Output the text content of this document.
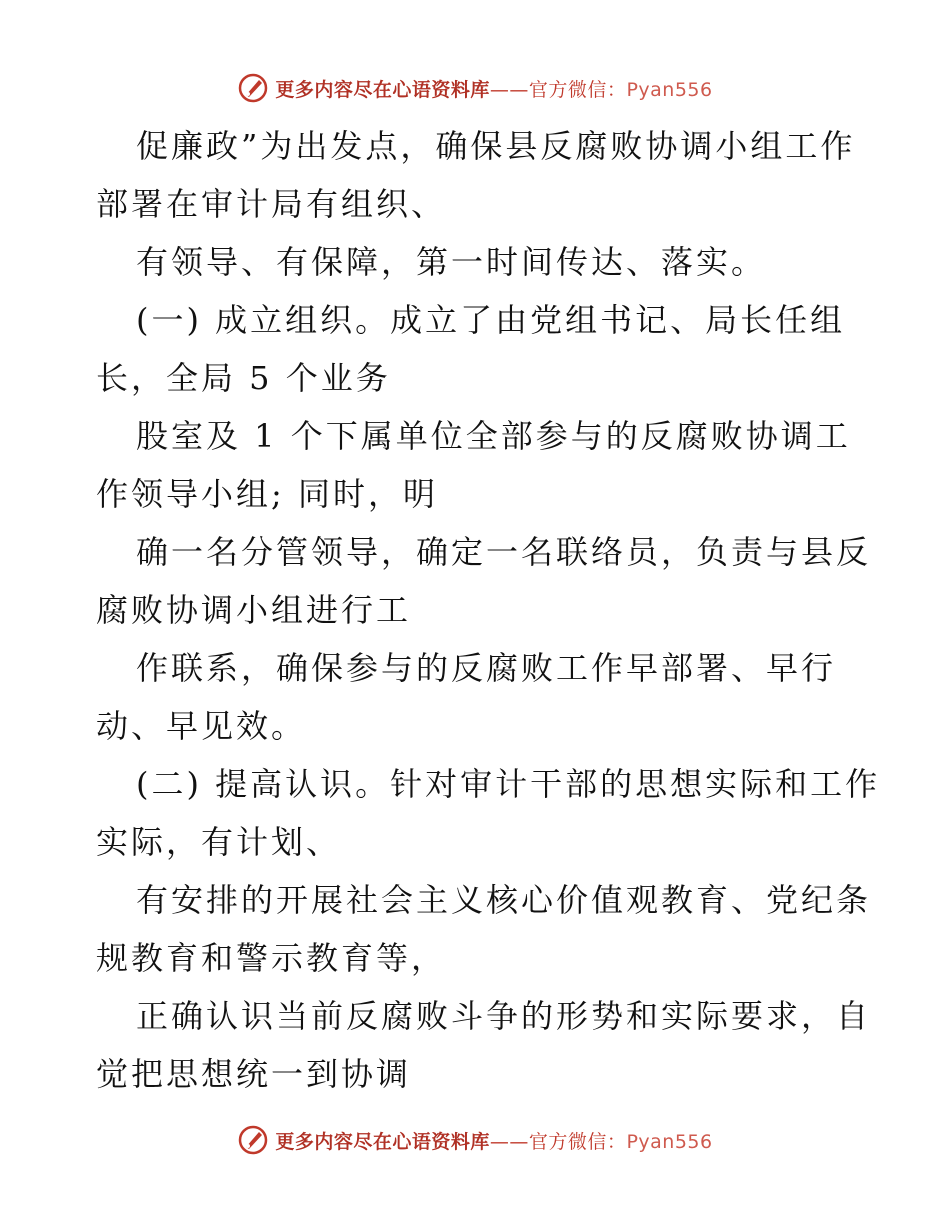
更多内容尽在心语资料库——官方微信：Pyan556
促廉政”为出发点，确保县反腐败协调小组工作
部署在审计局有组织、
有领导、有保障，第一时间传达、落实。
(一) 成立组织。成立了由党组书记、局长任组
长，全局 5 个业务
股室及 1 个下属单位全部参与的反腐败协调工
作领导小组; 同时，明
确一名分管领导，确定一名联络员，负责与县反
腐败协调小组进行工
作联系，确保参与的反腐败工作早部署、早行
动、早见效。
(二) 提高认识。针对审计干部的思想实际和工作
实际，有计划、
有安排的开展社会主义核心价值观教育、党纪条
规教育和警示教育等，
正确认识当前反腐败斗争的形势和实际要求，自
觉把思想统一到协调
更多内容尽在心语资料库——官方微信：Pyan556
